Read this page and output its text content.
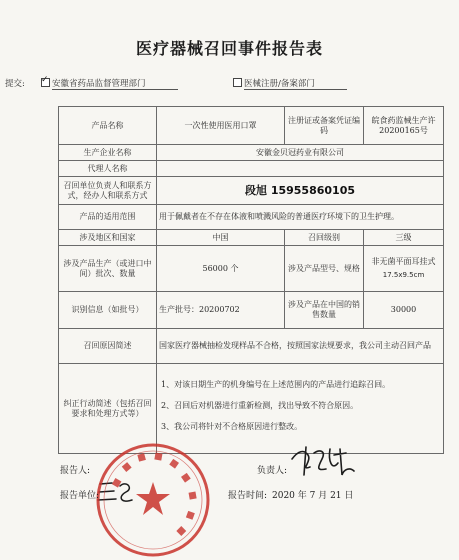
医疗器械召回事件报告表
提交: ✓	安徽省药品监督管理部门	医械注册/备案部门
产品名称	一次性使用医用口罩	注册证或备案凭证编码	皖食药监械生产许 20200165号
生产企业名称	安徽金贝冠药业有限公司		
代理人名称			
召回单位负责人和联系方式，经办人和联系方式	段旭 15955860105		
产品的适用范围	用于佩戴者在不存在体液和喷溅风险的普通医疗环境下的卫生护理。		
涉及地区和国家	中国	召回级别	三级
涉及产品生产（或进口中间）批次、数量	56000 个	涉及产品型号、规格	非无菌平面耳挂式
17.5x9.5cm

识别信息（如批号）	生产批号：20200702	涉及产品在中国的销售数量	30000
召回原因简述	国家医疗器械抽检发现样品不合格，按照国家法规要求，我公司主动召回产品		
纠正行动简述（包括召回要求和处理方式等）	1、对该日期生产的机身编号在上述范围内的产品进行追踪召回。
2、召回后对机器进行重新检测，找出导致不符合原因。
3、我公司将针对不合格原因进行整改。		
报告人:	负责人:
报告单位:	报告时间: 2020 年 7 月 21 日
